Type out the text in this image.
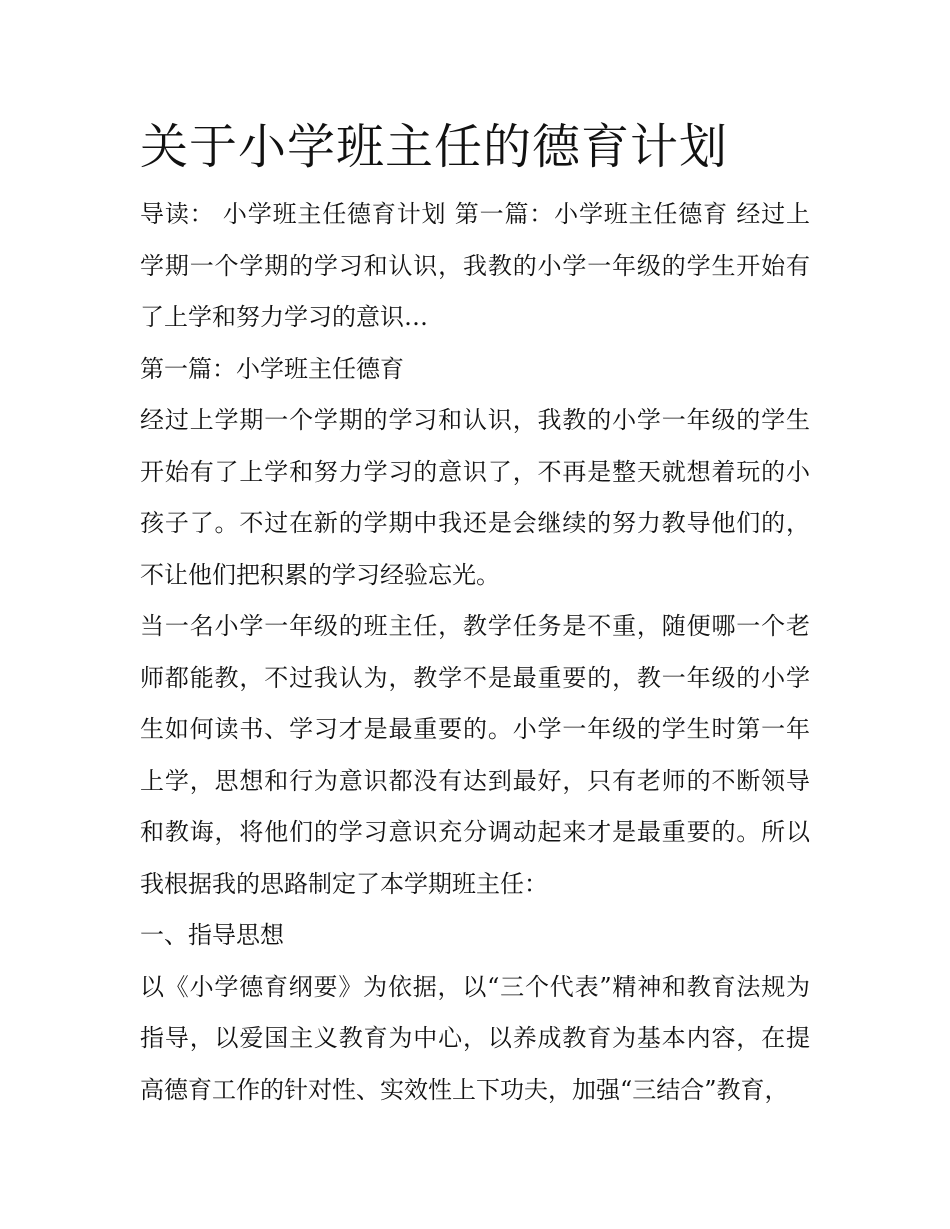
关于小学班主任的德育计划

导读： 小学班主任德育计划 第一篇：小学班主任德育 经过上学期一个学期的学习和认识，我教的小学一年级的学生开始有了上学和努力学习的意识…

第一篇：小学班主任德育

经过上学期一个学期的学习和认识，我教的小学一年级的学生开始有了上学和努力学习的意识了，不再是整天就想着玩的小孩子了。不过在新的学期中我还是会继续的努力教导他们的，不让他们把积累的学习经验忘光。

当一名小学一年级的班主任，教学任务是不重，随便哪一个老师都能教，不过我认为，教学不是最重要的，教一年级的小学生如何读书、学习才是最重要的。小学一年级的学生时第一年上学，思想和行为意识都没有达到最好，只有老师的不断领导和教诲，将他们的学习意识充分调动起来才是最重要的。所以我根据我的思路制定了本学期班主任：

一、指导思想

以《小学德育纲要》为依据，以“三个代表”精神和教育法规为指导，以爱国主义教育为中心，以养成教育为基本内容，在提高德育工作的针对性、实效性上下功夫，加强“三结合”教育，
